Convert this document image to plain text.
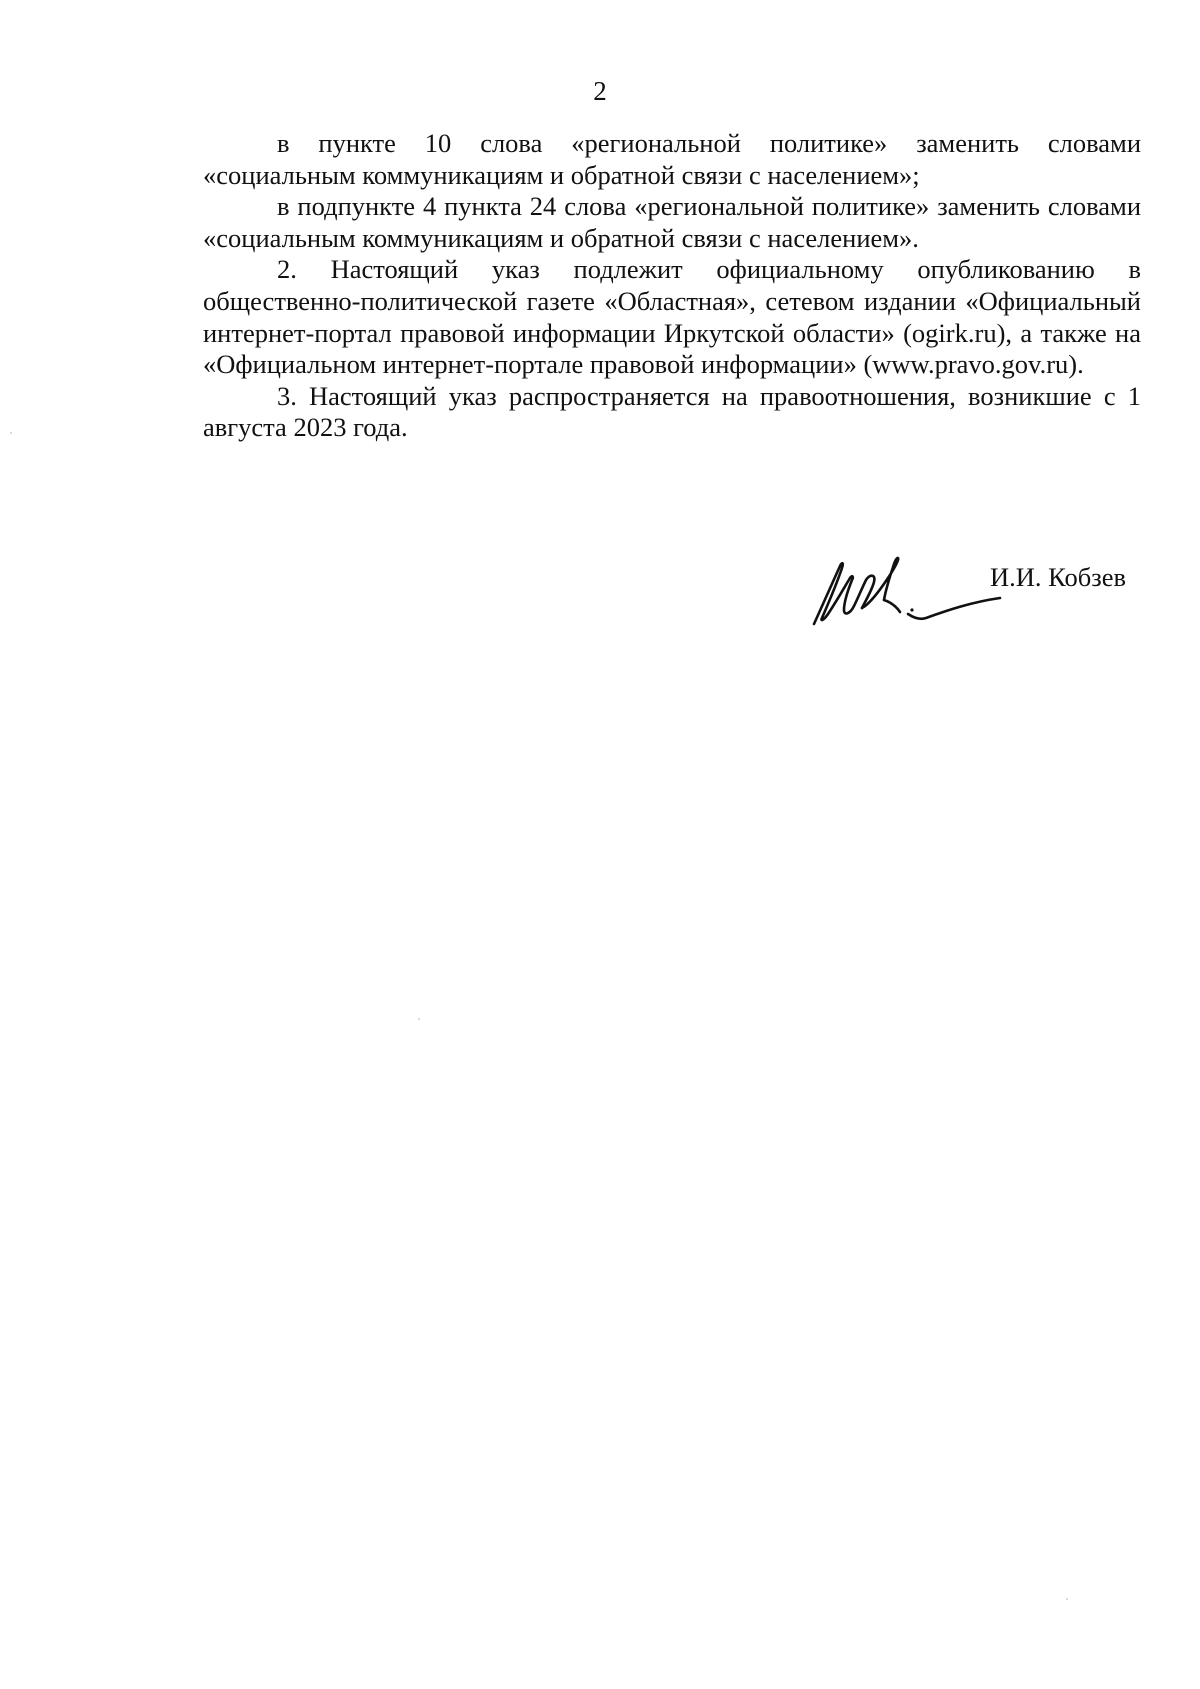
2

в пункте 10 слова «региональной политике» заменить словами «социальным коммуникациям и обратной связи с населением»;

в подпункте 4 пункта 24 слова «региональной политике» заменить словами «социальным коммуникациям и обратной связи с населением».

2. Настоящий указ подлежит официальному опубликованию в общественно-политической газете «Областная», сетевом издании «Официальный интернет-портал правовой информации Иркутской области» (ogirk.ru), а также на «Официальном интернет-портале правовой информации» (www.pravo.gov.ru).

3. Настоящий указ распространяется на правоотношения, возникшие с 1 августа 2023 года.

И.И. Кобзев
